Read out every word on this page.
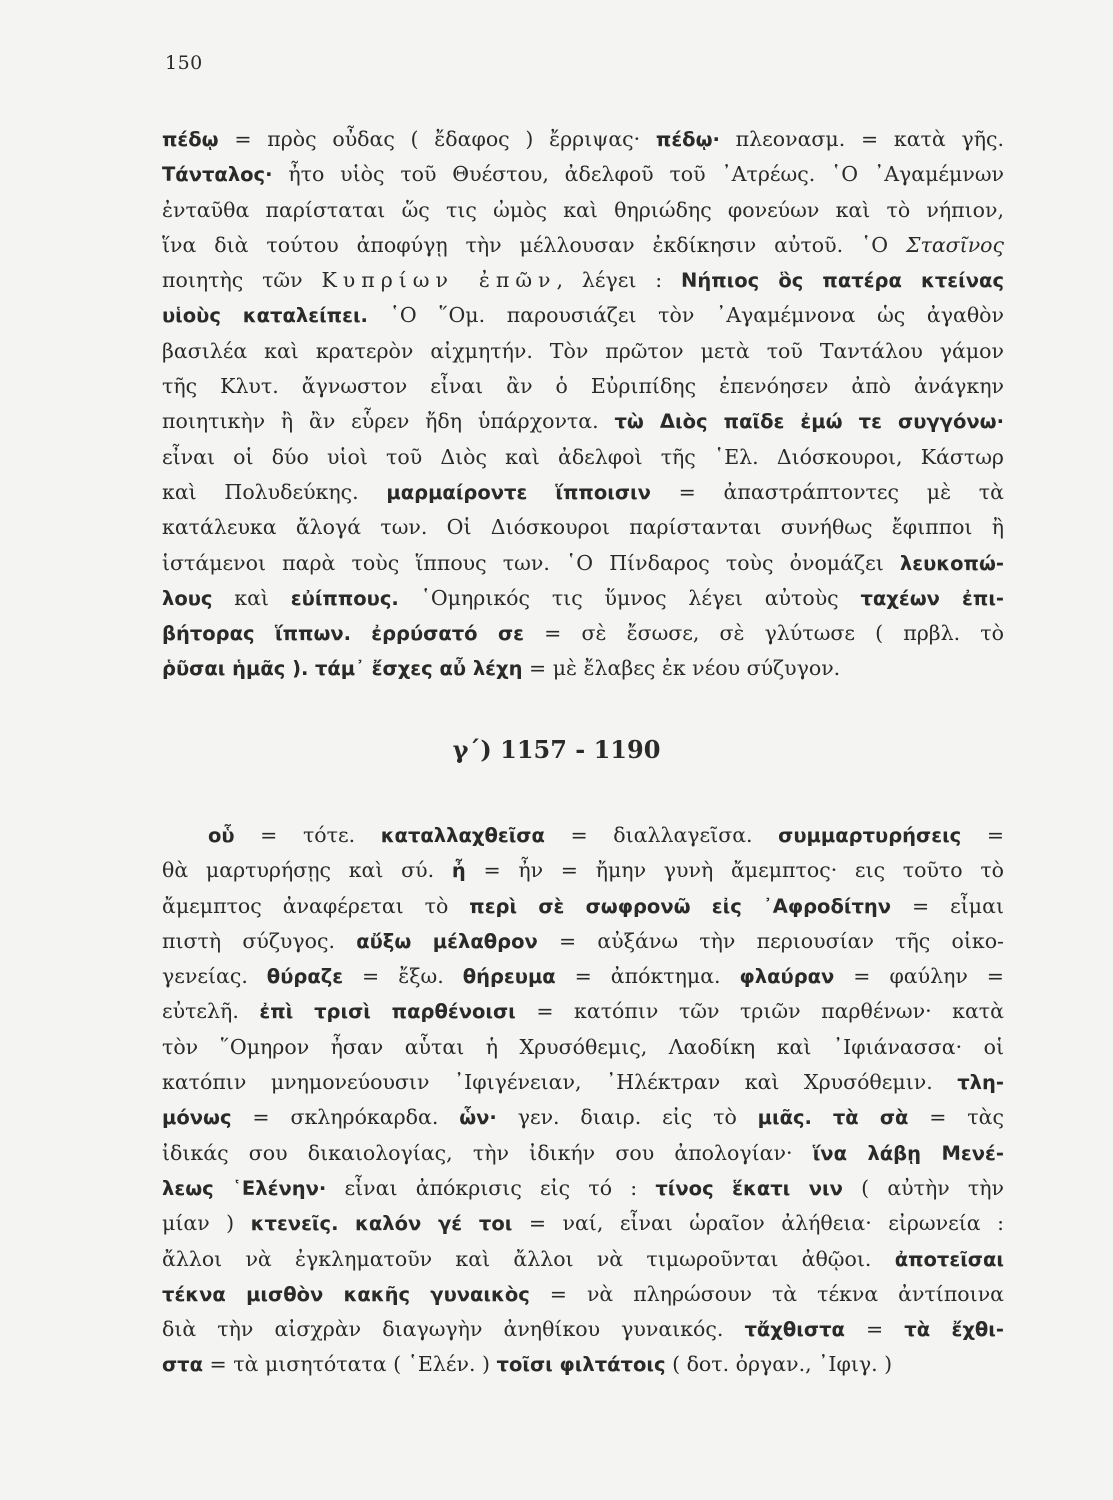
150
πέδῳ = πρὸς οὖδας ( ἔδαφος ) ἔρριψας· πέδῳ· πλεονασμ. = κατὰ γῆς.
Τάνταλος· ἦτο υἱὸς τοῦ Θυέστου, ἀδελφοῦ τοῦ ᾿Ατρέως. ῾Ο ᾿Αγαμέμνων
ἐνταῦθα παρίσταται ὥς τις ὠμὸς καὶ θηριώδης φονεύων καὶ τὸ νήπιον,
ἵνα διὰ τούτου ἀποφύγῃ τὴν μέλλουσαν ἐκδίκησιν αὐτοῦ. ῾Ο Στασῖνος
ποιητὴς τῶν Κυπρίων ἐπῶν, λέγει : Νήπιος ὃς πατέρα κτείνας
υἱοὺς καταλείπει. ῾Ο ῞Ομ. παρουσιάζει τὸν ᾿Αγαμέμνονα ὡς ἀγαθὸν
βασιλέα καὶ κρατερὸν αἰχμητήν. Τὸν πρῶτον μετὰ τοῦ Ταντάλου γάμον
τῆς Κλυτ. ἄγνωστον εἶναι ἂν ὁ Εὐριπίδης ἐπενόησεν ἀπὸ ἀνάγκην
ποιητικὴν ἢ ἂν εὗρεν ἤδη ὑπάρχοντα. τὼ Διὸς παῖδε ἐμώ τε συγγόνω·
εἶναι οἱ δύο υἱοὶ τοῦ Διὸς καὶ ἀδελφοὶ τῆς ῾Ελ. Διόσκουροι, Κάστωρ
καὶ Πολυδεύκης. μαρμαίροντε ἵπποισιν = ἀπαστράπτοντες μὲ τὰ
κατάλευκα ἄλογά των. Οἱ Διόσκουροι παρίστανται συνήθως ἔφιπποι ἢ
ἱστάμενοι παρὰ τοὺς ἵππους των. ῾Ο Πίνδαρος τοὺς ὀνομάζει λευκοπώ-
λους καὶ εὐίππους. ῾Ομηρικός τις ὕμνος λέγει αὐτοὺς ταχέων ἐπι-
βήτορας ἵππων. ἐρρύσατό σε = σὲ ἔσωσε, σὲ γλύτωσε ( πρβλ. τὸ
ῥῦσαι ἡμᾶς ). τάμ᾽ ἔσχες αὖ λέχη = μὲ ἔλαβες ἐκ νέου σύζυγον.
γ΄) 1157 - 1190
οὗ = τότε. καταλλαχθεῖσα = διαλλαγεῖσα. συμμαρτυρήσεις =
θὰ μαρτυρήσῃς καὶ σύ. ἦ = ἦν = ἤμην γυνὴ ἄμεμπτος· εις τοῦτο τὸ
ἄμεμπτος ἀναφέρεται τὸ περὶ σὲ σωφρονῶ εἰς ᾿Αφροδίτην = εἶμαι
πιστὴ σύζυγος. αὔξω μέλαθρον = αὐξάνω τὴν περιουσίαν τῆς οἰκο-
γενείας. θύραζε = ἔξω. θήρευμα = ἀπόκτημα. φλαύραν = φαύλην =
εὐτελῆ. ἐπὶ τρισὶ παρθένοισι = κατόπιν τῶν τριῶν παρθένων· κατὰ
τὸν ῞Ομηρον ἦσαν αὗται ἡ Χρυσόθεμις, Λαοδίκη καὶ ᾿Ιφιάνασσα· οἱ
κατόπιν μνημονεύουσιν ᾿Ιφιγένειαν, ᾿Ηλέκτραν καὶ Χρυσόθεμιν. τλη-
μόνως = σκληρόκαρδα. ὧν· γεν. διαιρ. εἰς τὸ μιᾶς. τὰ σὰ = τὰς
ἰδικάς σου δικαιολογίας, τὴν ἰδικήν σου ἀπολογίαν· ἵνα λάβῃ Μενέ-
λεως ῾Ελένην· εἶναι ἀπόκρισις εἰς τό : τίνος ἕκατι νιν ( αὐτὴν τὴν
μίαν ) κτενεῖς. καλόν γέ τοι = ναί, εἶναι ὡραῖον ἀλήθεια· εἰρωνεία :
ἄλλοι νὰ ἐγκληματοῦν καὶ ἄλλοι νὰ τιμωροῦνται ἀθῷοι. ἀποτεῖσαι
τέκνα μισθὸν κακῆς γυναικὸς = νὰ πληρώσουν τὰ τέκνα ἀντίποινα
διὰ τὴν αἰσχρὰν διαγωγὴν ἀνηθίκου γυναικός. τἄχθιστα = τὰ ἔχθι-
στα = τὰ μισητότατα ( ῾Ελέν. ) τοῖσι φιλτάτοις ( δοτ. ὀργαν., ᾿Ιφιγ. )
